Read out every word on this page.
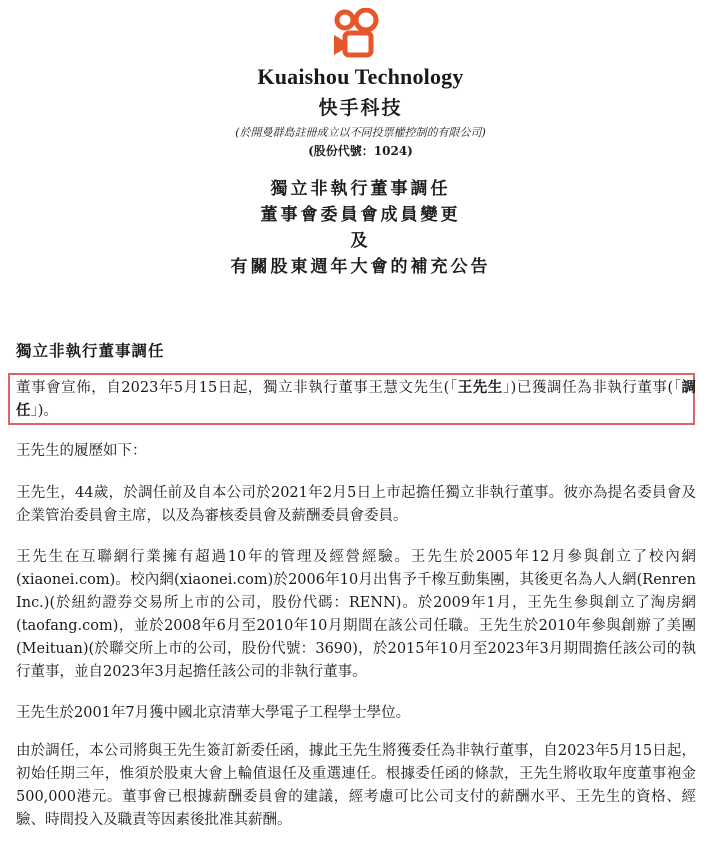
Kuaishou Technology
快手科技
(於開曼群島註冊成立以不同投票權控制的有限公司)
(股份代號：1024)
獨立非執行董事調任
董事會委員會成員變更
及
有關股東週年大會的補充公告
獨立非執行董事調任
董事會宣佈，自2023年5月15日起，獨立非執行董事王慧文先生(「王先生」)已獲調任為非執行董事(「調任」)。
王先生的履歷如下：
王先生，44歲，於調任前及自本公司於2021年2月5日上市起擔任獨立非執行董事。彼亦為提名委員會及企業管治委員會主席，以及為審核委員會及薪酬委員會委員。
王先生在互聯網行業擁有超過10年的管理及經營經驗。王先生於2005年12月參與創立了校內網(xiaonei.com)。校內網(xiaonei.com)於2006年10月出售予千橡互動集團，其後更名為人人網(Renren Inc.)(於紐約證券交易所上市的公司，股份代碼：RENN)。於2009年1月，王先生參與創立了淘房網(taofang.com)，並於2008年6月至2010年10月期間在該公司任職。王先生於2010年參與創辦了美團(Meituan)(於聯交所上市的公司，股份代號：3690)，於2015年10月至2023年3月期間擔任該公司的執行董事，並自2023年3月起擔任該公司的非執行董事。
王先生於2001年7月獲中國北京清華大學電子工程學士學位。
由於調任，本公司將與王先生簽訂新委任函，據此王先生將獲委任為非執行董事，自2023年5月15日起，初始任期三年，惟須於股東大會上輪值退任及重選連任。根據委任函的條款，王先生將收取年度董事袍金500,000港元。董事會已根據薪酬委員會的建議，經考慮可比公司支付的薪酬水平、王先生的資格、經驗、時間投入及職責等因素後批准其薪酬。
